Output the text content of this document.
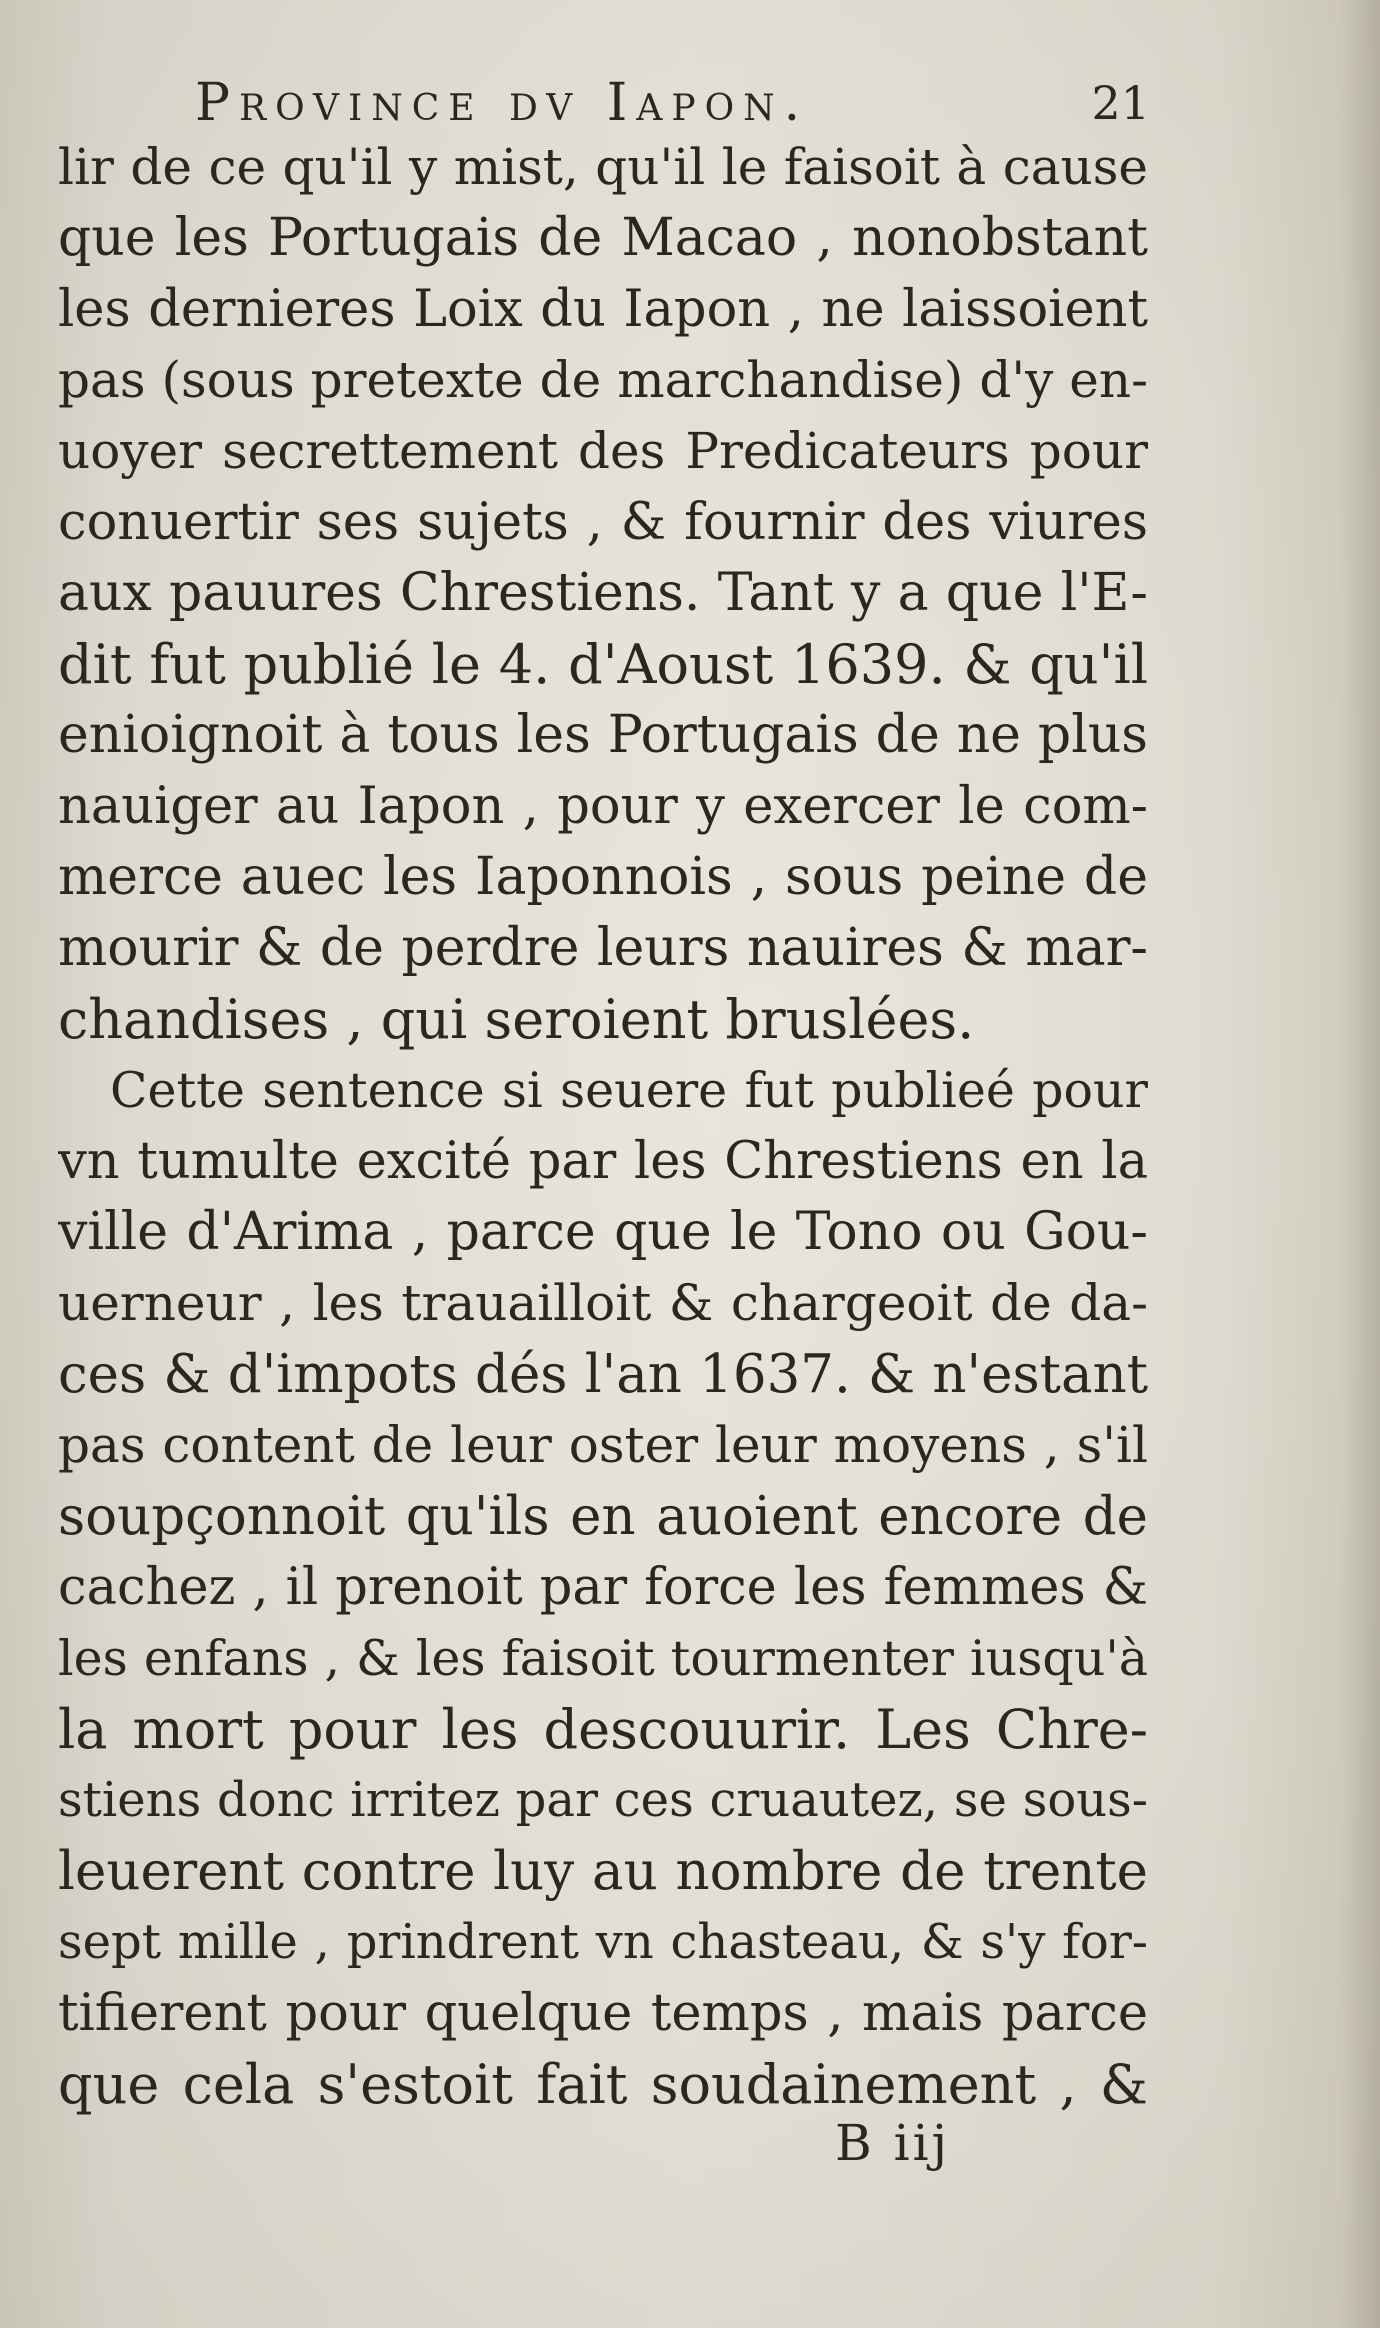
Province dv Iapon.	21
lir de ce qu'il y mist, qu'il le faisoit à cause
que les Portugais de Macao , nonobstant
les dernieres Loix du Iapon , ne laissoient
pas (sous pretexte de marchandise) d'y en-
uoyer secrettement des Predicateurs pour
conuertir ses sujets , & fournir des viures
aux pauures Chrestiens. Tant y a que l'E-
dit fut publié le 4. d'Aoust 1639. & qu'il
enioignoit à tous les Portugais de ne plus
nauiger au Iapon , pour y exercer le com-
merce auec les Iaponnois , sous peine de
mourir & de perdre leurs nauires & mar-
chandises , qui seroient bruslées.
Cette sentence si seuere fut publieé pour
vn tumulte excité par les Chrestiens en la
ville d'Arima , parce que le Tono ou Gou-
uerneur , les trauailloit & chargeoit de da-
ces & d'impots dés l'an 1637. & n'estant
pas content de leur oster leur moyens , s'il
soupçonnoit qu'ils en auoient encore de
cachez , il prenoit par force les femmes &
les enfans , & les faisoit tourmenter iusqu'à
la mort pour les descouurir. Les Chre-
stiens donc irritez par ces cruautez, se sous-
leuerent contre luy au nombre de trente
sept mille , prindrent vn chasteau, & s'y for-
tifierent pour quelque temps , mais parce
que cela s'estoit fait soudainement , &
B iij
